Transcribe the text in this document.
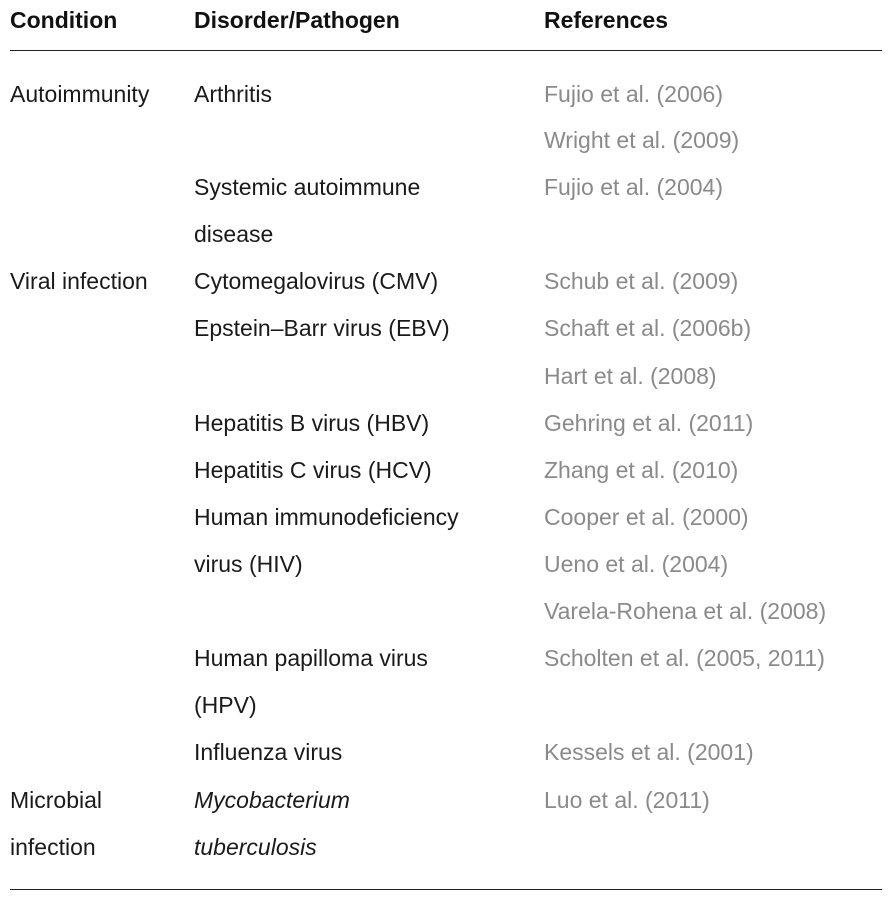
Condition	Disorder/Pathogen	References
Autoimmunity
Viral infection
Microbial
infection
Arthritis
Systemic autoimmune
disease
Cytomegalovirus (CMV)
Epstein–Barr virus (EBV)
Hepatitis B virus (HBV)
Hepatitis C virus (HCV)
Human immunodeficiency
virus (HIV)
Human papilloma virus
(HPV)
Influenza virus
Mycobacterium
tuberculosis
Fujio et al. (2006)
Wright et al. (2009)
Fujio et al. (2004)
Schub et al. (2009)
Schaft et al. (2006b)
Hart et al. (2008)
Gehring et al. (2011)
Zhang et al. (2010)
Cooper et al. (2000)
Ueno et al. (2004)
Varela-Rohena et al. (2008)
Scholten et al. (2005, 2011)
Kessels et al. (2001)
Luo et al. (2011)
